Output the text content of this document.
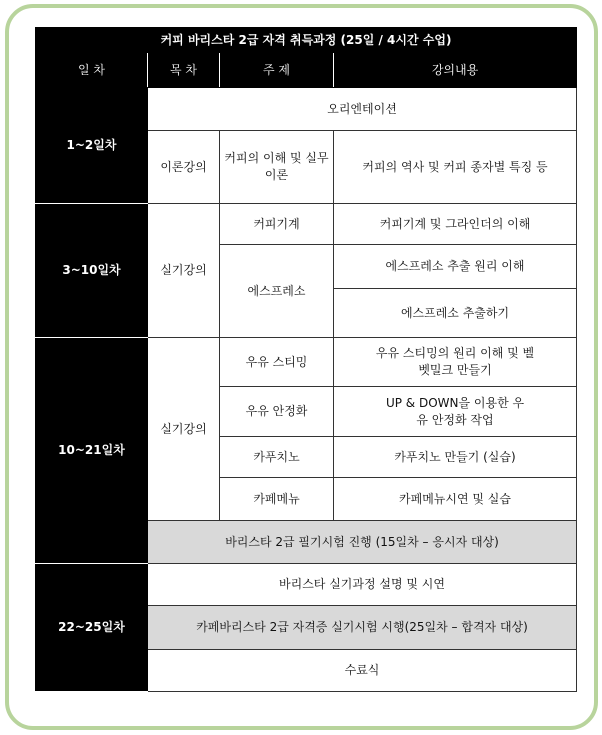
커피 바리스타 2급 자격 취득과정 (25일 / 4시간 수업)			
일 차	목 차	주 제	강의내용
1~2일차	오리엔테이션		
	이론강의	커피의 이해 및 실무이론	커피의 역사 및 커피 종자별 특징 등
3~10일차	실기강의	커피기계	커피기계 및 그라인더의 이해
		에스프레소	에스프레소 추출 원리 이해
			에스프레소 추출하기
10~21일차	실기강의	우유 스티밍	우유 스티밍의 원리 이해 및 벨벳밀크 만들기
		우유 안정화	UP & DOWN을 이용한 우유 안정화 작업
		카푸치노	카푸치노 만들기 (실습)
		카페메뉴	카페메뉴시연 및 실습
	바리스타 2급 필기시험 진행 (15일차 – 응시자 대상)		
22~25일차	바리스타 실기과정 설명 및 시연		
	카페바리스타 2급 자격증 실기시험 시행(25일차 – 합격자 대상)		
	수료식		
